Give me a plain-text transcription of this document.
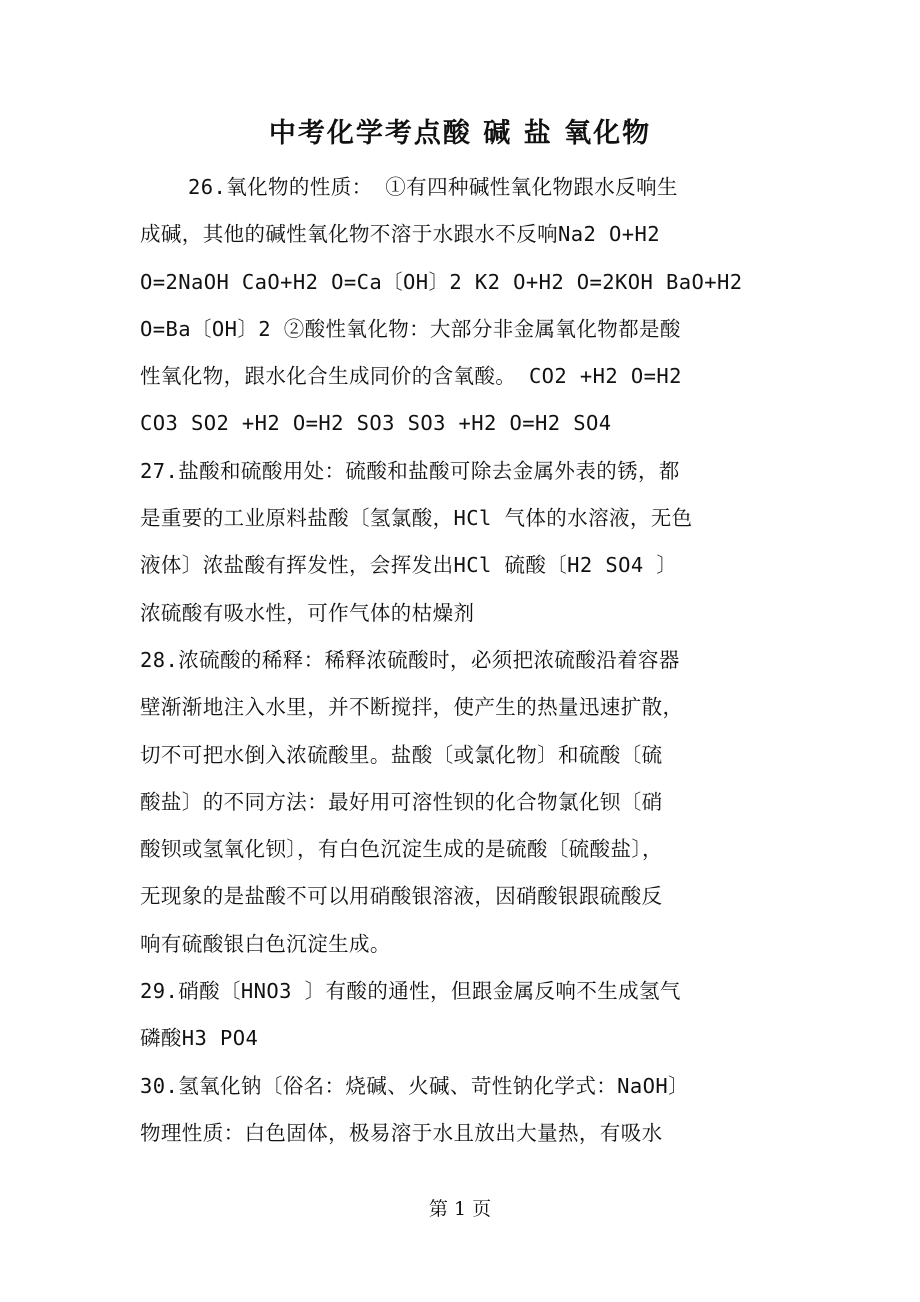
中考化学考点酸 碱 盐 氧化物
26.氧化物的性质： ①有四种碱性氧化物跟水反响生
成碱，其他的碱性氧化物不溶于水跟水不反响Na2 O+H2
O=2NaOH CaO+H2 O=Ca〔OH〕2 K2 O+H2 O=2KOH BaO+H2
O=Ba〔OH〕2 ②酸性氧化物：大部分非金属氧化物都是酸
性氧化物，跟水化合生成同价的含氧酸。 CO2 +H2 O=H2
CO3 SO2 +H2 O=H2 SO3 SO3 +H2 O=H2 SO4
27.盐酸和硫酸用处：硫酸和盐酸可除去金属外表的锈，都
是重要的工业原料盐酸〔氢氯酸，HCl 气体的水溶液，无色
液体〕浓盐酸有挥发性，会挥发出HCl 硫酸〔H2 SO4 〕
浓硫酸有吸水性，可作气体的枯燥剂
28.浓硫酸的稀释：稀释浓硫酸时，必须把浓硫酸沿着容器
壁渐渐地注入水里，并不断搅拌，使产生的热量迅速扩散，
切不可把水倒入浓硫酸里。盐酸〔或氯化物〕和硫酸〔硫
酸盐〕的不同方法：最好用可溶性钡的化合物氯化钡〔硝
酸钡或氢氧化钡〕，有白色沉淀生成的是硫酸〔硫酸盐〕，
无现象的是盐酸不可以用硝酸银溶液，因硝酸银跟硫酸反
响有硫酸银白色沉淀生成。
29.硝酸〔HNO3 〕有酸的通性，但跟金属反响不生成氢气
磷酸H3 PO4
30.氢氧化钠〔俗名：烧碱、火碱、苛性钠化学式：NaOH〕
物理性质：白色固体，极易溶于水且放出大量热，有吸水
第 1 页
